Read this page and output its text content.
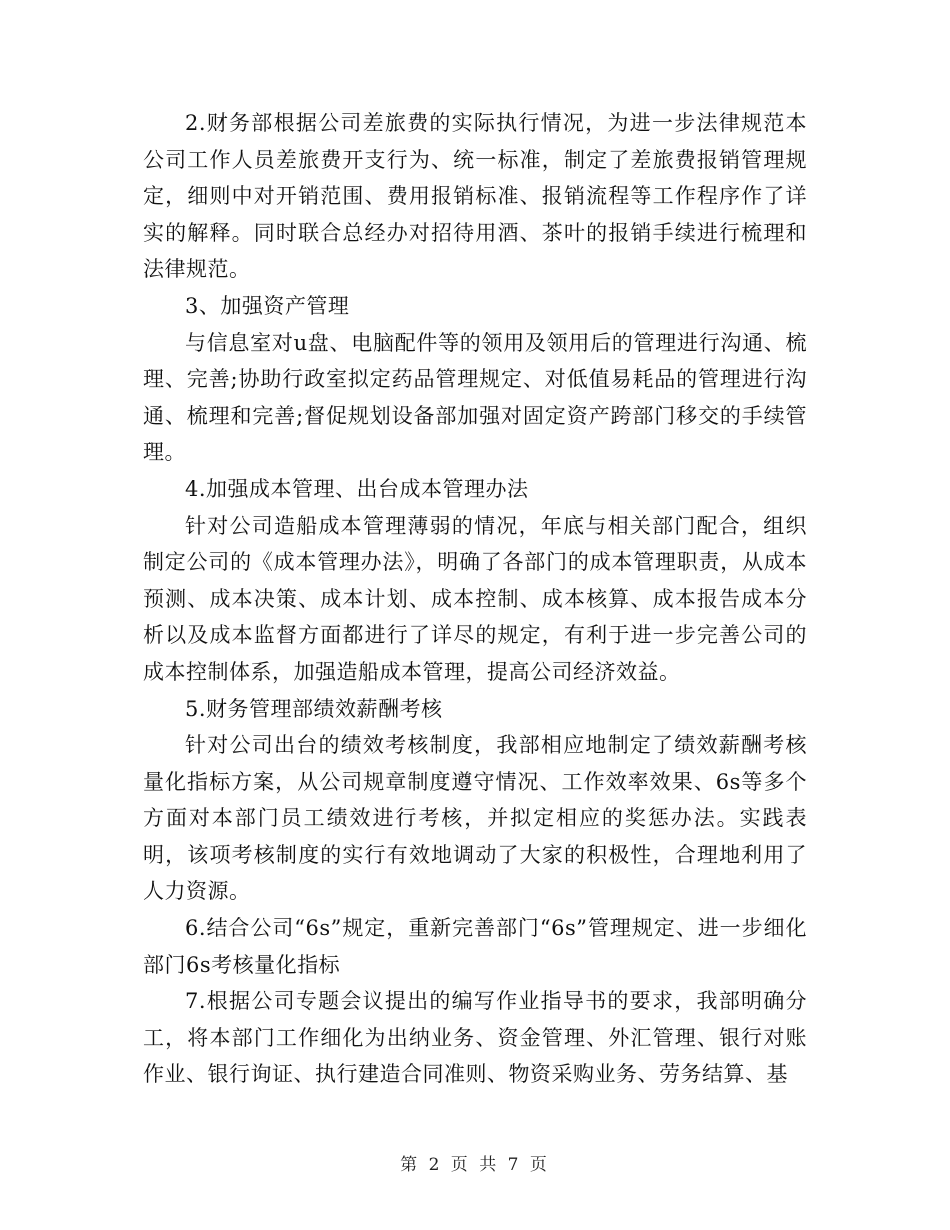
2.财务部根据公司差旅费的实际执行情况，为进一步法律规范本公司工作人员差旅费开支行为、统一标准，制定了差旅费报销管理规定，细则中对开销范围、费用报销标准、报销流程等工作程序作了详实的解释。同时联合总经办对招待用酒、茶叶的报销手续进行梳理和法律规范。

3、加强资产管理

与信息室对u盘、电脑配件等的领用及领用后的管理进行沟通、梳理、完善;协助行政室拟定药品管理规定、对低值易耗品的管理进行沟通、梳理和完善;督促规划设备部加强对固定资产跨部门移交的手续管理。

4.加强成本管理、出台成本管理办法

针对公司造船成本管理薄弱的情况，年底与相关部门配合，组织制定公司的《成本管理办法》，明确了各部门的成本管理职责，从成本预测、成本决策、成本计划、成本控制、成本核算、成本报告成本分析以及成本监督方面都进行了详尽的规定，有利于进一步完善公司的成本控制体系，加强造船成本管理，提高公司经济效益。

5.财务管理部绩效薪酬考核

针对公司出台的绩效考核制度，我部相应地制定了绩效薪酬考核量化指标方案，从公司规章制度遵守情况、工作效率效果、6s等多个方面对本部门员工绩效进行考核，并拟定相应的奖惩办法。实践表明，该项考核制度的实行有效地调动了大家的积极性，合理地利用了人力资源。

6.结合公司“6s”规定，重新完善部门“6s”管理规定、进一步细化部门6s考核量化指标

7.根据公司专题会议提出的编写作业指导书的要求，我部明确分工，将本部门工作细化为出纳业务、资金管理、外汇管理、银行对账作业、银行询证、执行建造合同准则、物资采购业务、劳务结算、基

第 2 页 共 7 页
